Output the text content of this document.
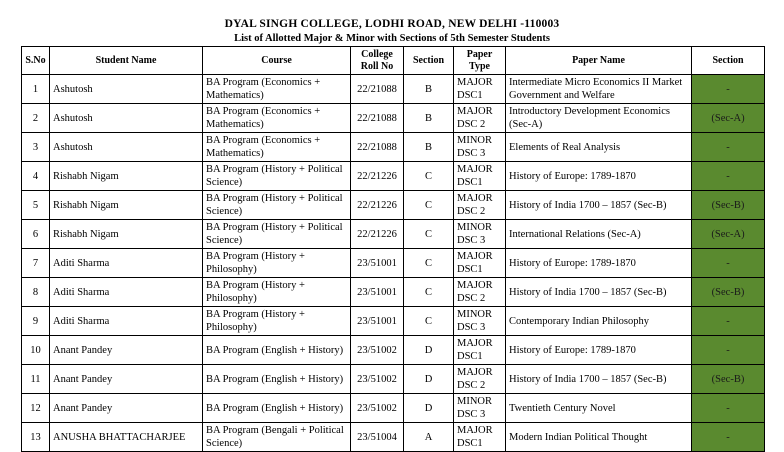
DYAL SINGH COLLEGE, LODHI ROAD, NEW DELHI -110003
List of Allotted Major & Minor with Sections of 5th Semester Students
S.No	Student Name	Course	College Roll No	Section	Paper Type	Paper Name	Section
1	Ashutosh	BA Program (Economics + Mathematics)	22/21088	B	MAJOR DSC1	Intermediate Micro Economics II Market Government and Welfare	-
2	Ashutosh	BA Program (Economics + Mathematics)	22/21088	B	MAJOR DSC 2	Introductory Development Economics (Sec-A)	(Sec-A)
3	Ashutosh	BA Program (Economics + Mathematics)	22/21088	B	MINOR DSC 3	Elements of Real Analysis	-
4	Rishabh Nigam	BA Program (History + Political Science)	22/21226	C	MAJOR DSC1	History of Europe: 1789-1870	-
5	Rishabh Nigam	BA Program (History + Political Science)	22/21226	C	MAJOR DSC 2	History of India 1700 – 1857 (Sec-B)	(Sec-B)
6	Rishabh Nigam	BA Program (History + Political Science)	22/21226	C	MINOR DSC 3	International Relations (Sec-A)	(Sec-A)
7	Aditi Sharma	BA Program (History + Philosophy)	23/51001	C	MAJOR DSC1	History of Europe: 1789-1870	-
8	Aditi Sharma	BA Program (History + Philosophy)	23/51001	C	MAJOR DSC 2	History of India 1700 – 1857 (Sec-B)	(Sec-B)
9	Aditi Sharma	BA Program (History + Philosophy)	23/51001	C	MINOR DSC 3	Contemporary Indian Philosophy	-
10	Anant Pandey	BA Program (English + History)	23/51002	D	MAJOR DSC1	History of Europe: 1789-1870	-
11	Anant Pandey	BA Program (English + History)	23/51002	D	MAJOR DSC 2	History of India 1700 – 1857 (Sec-B)	(Sec-B)
12	Anant Pandey	BA Program (English + History)	23/51002	D	MINOR DSC 3	Twentieth Century Novel	-
13	ANUSHA BHATTACHARJEE	BA Program (Bengali + Political Science)	23/51004	A	MAJOR DSC1	Modern Indian Political Thought	-
